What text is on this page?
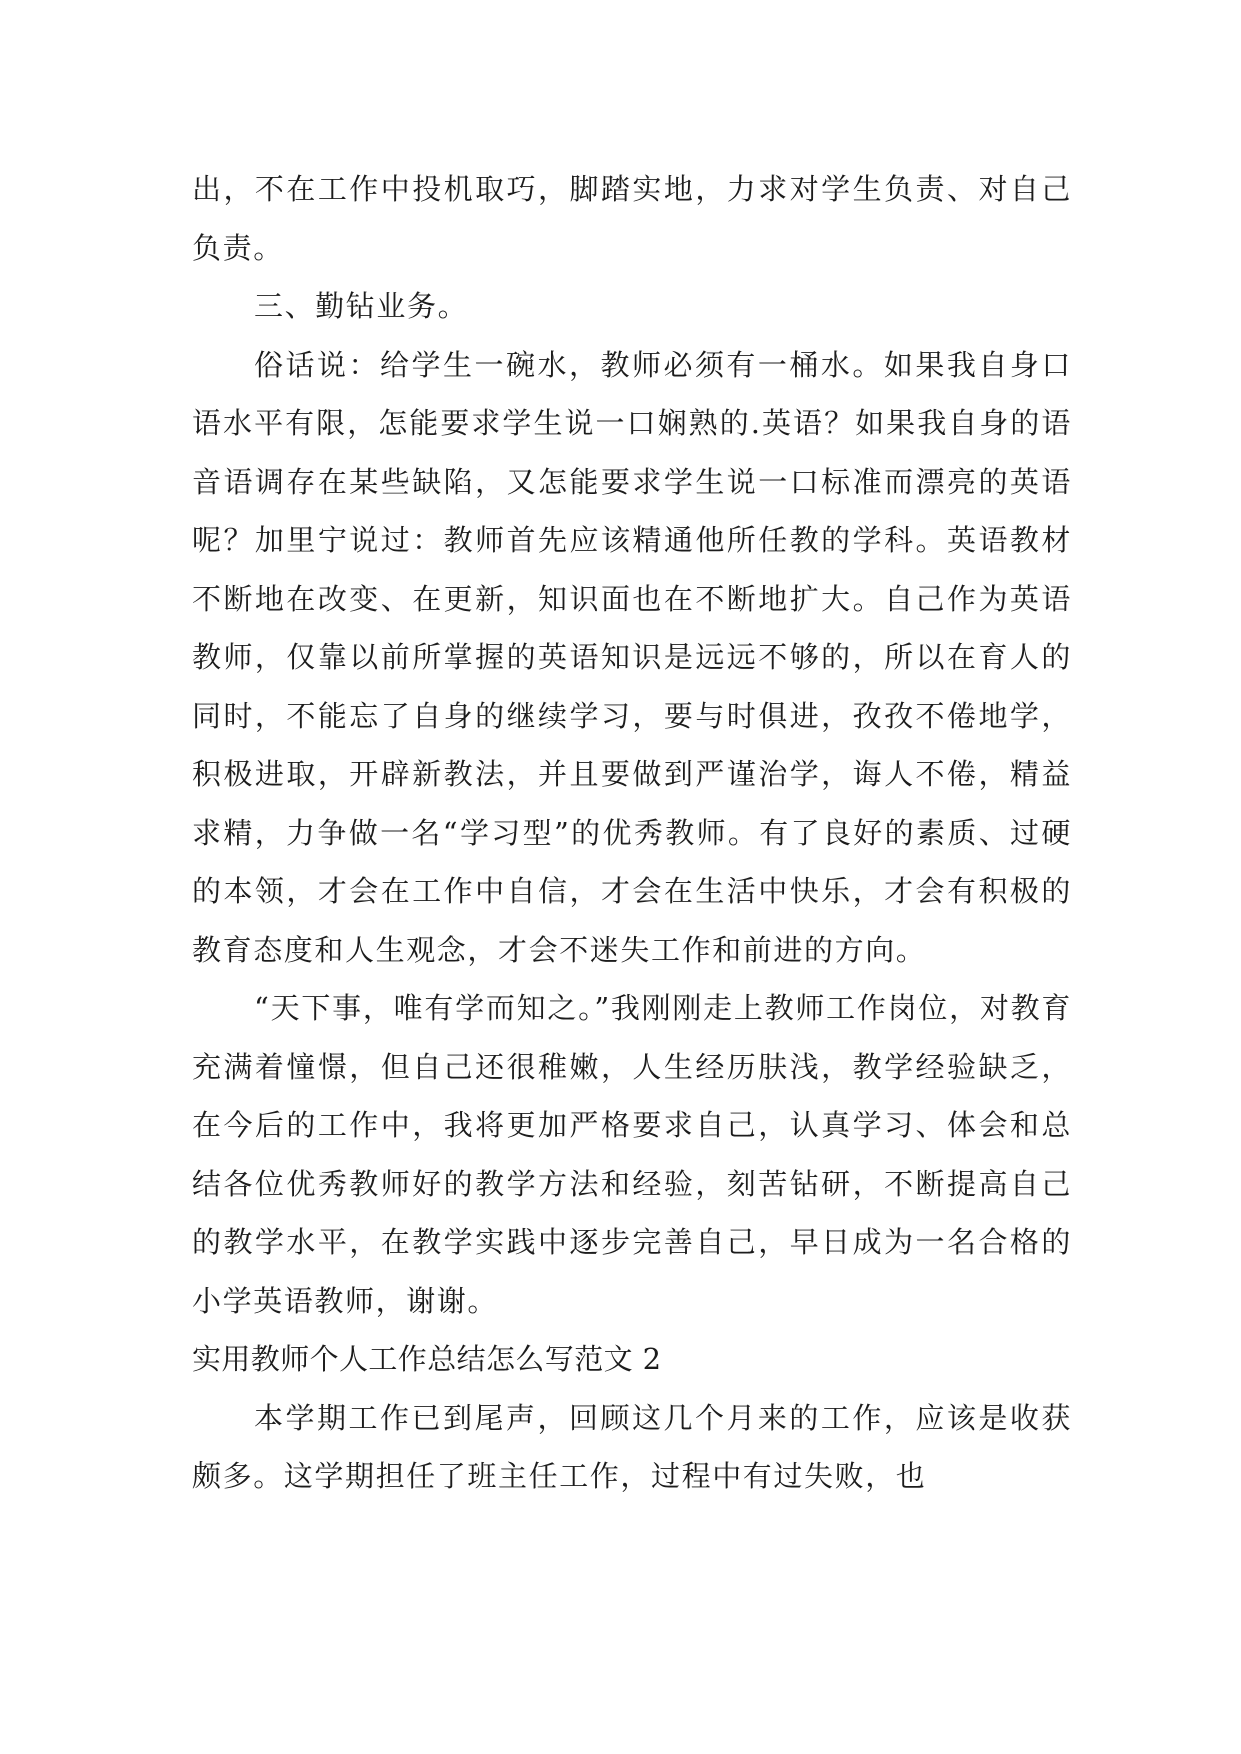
出，不在工作中投机取巧，脚踏实地，力求对学生负责、对自己负责。

三、勤钻业务。

俗话说：给学生一碗水，教师必须有一桶水。如果我自身口语水平有限，怎能要求学生说一口娴熟的.英语？如果我自身的语音语调存在某些缺陷，又怎能要求学生说一口标准而漂亮的英语呢？加里宁说过：教师首先应该精通他所任教的学科。英语教材不断地在改变、在更新，知识面也在不断地扩大。自己作为英语教师，仅靠以前所掌握的英语知识是远远不够的，所以在育人的同时，不能忘了自身的继续学习，要与时俱进，孜孜不倦地学，积极进取，开辟新教法，并且要做到严谨治学，诲人不倦，精益求精，力争做一名“学习型”的优秀教师。有了良好的素质、过硬的本领，才会在工作中自信，才会在生活中快乐，才会有积极的教育态度和人生观念，才会不迷失工作和前进的方向。

“天下事，唯有学而知之。”我刚刚走上教师工作岗位，对教育充满着憧憬，但自己还很稚嫩，人生经历肤浅，教学经验缺乏，在今后的工作中，我将更加严格要求自己，认真学习、体会和总结各位优秀教师好的教学方法和经验，刻苦钻研，不断提高自己的教学水平，在教学实践中逐步完善自己，早日成为一名合格的小学英语教师，谢谢。

实用教师个人工作总结怎么写范文 2

本学期工作已到尾声，回顾这几个月来的工作，应该是收获颇多。这学期担任了班主任工作，过程中有过失败，也
